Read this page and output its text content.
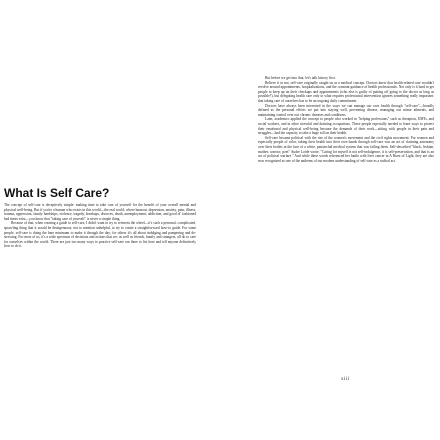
What Is Self Care?

The concept of self-care is deceptively simple: making time to take care of yourself for the benefit of your overall mental and physical well-being. But if you're a human who exists in this world—the real world, where burnout, depression, anxiety, pain, illness, trauma, oppression, family hardships, violence, tragedy, breakups, divorces, death, unemployment, addiction, and good ol' fashioned bad times exist—you know that "taking care of yourself" is never a simple thing.

Because of that, when creating a guide to self-care, I didn't want to try to reinvent the wheel—it's such a personal, complicated, sprawling thing that it would be disingenuous, not to mention unhelpful, to try to create a straightforward how-to guide. For some people, self-care is doing the bare minimum to make it through the day; for others it's all about indulging and pampering and de-stressing. For most of us, it's a wide spectrum of decisions and actions that we, as well as friends, family and strangers, all do to care for ourselves within the world. There are just too many ways to practice self-care out there to list here and tell anyone definitively how to do it.

But before we get into that, let's talk history first.

Believe it or not, self-care originally caught on as a medical concept. Doctors knew that health-related care wouldn't revolve around appointments, hospitalizations, and the constant guidance of health professionals. Not only is it hard to get people to keep up on their checkups and appointments (who else is guilty of putting off going to the doctor as long as possible?), but delegating health care only to what requires professional intervention ignores something really important: that taking care of ourselves has to be an ongoing daily commitment.

Doctors have always been interested in the ways we can manage our own health through "self-care"—broadly defined as the personal efforts we put into staying well, preventing disease, managing our minor ailments, and maintaining control over our chronic diseases and conditions.

Later, academics applied the concept to people who worked in "helping professions" such as therapists, EMTs, and social workers, and in other stressful and draining occupations. These people especially needed to learn ways to protect their emotional and physical well-being because the demands of their work—sitting with people in their pain and struggles—had the capacity to take a huge toll on their health.

Self-care became political with the rise of the women's movement and the civil rights movement. For women and especially people of color, taking their health into their own hands through self-care was an act of claiming autonomy over their bodies in the face of a white, patriarchal medical system that was failing them. Self-described "black, lesbian, mother, warrior, poet" Audre Lorde wrote, "Caring for myself is not self-indulgence, it is self-preservation, and that is an act of political warfare." And while these words referenced her battle with liver cancer in A Burst of Light, they are also now recognized as one of the anthems of our modern understanding of self-care as a radical act.

xiii
